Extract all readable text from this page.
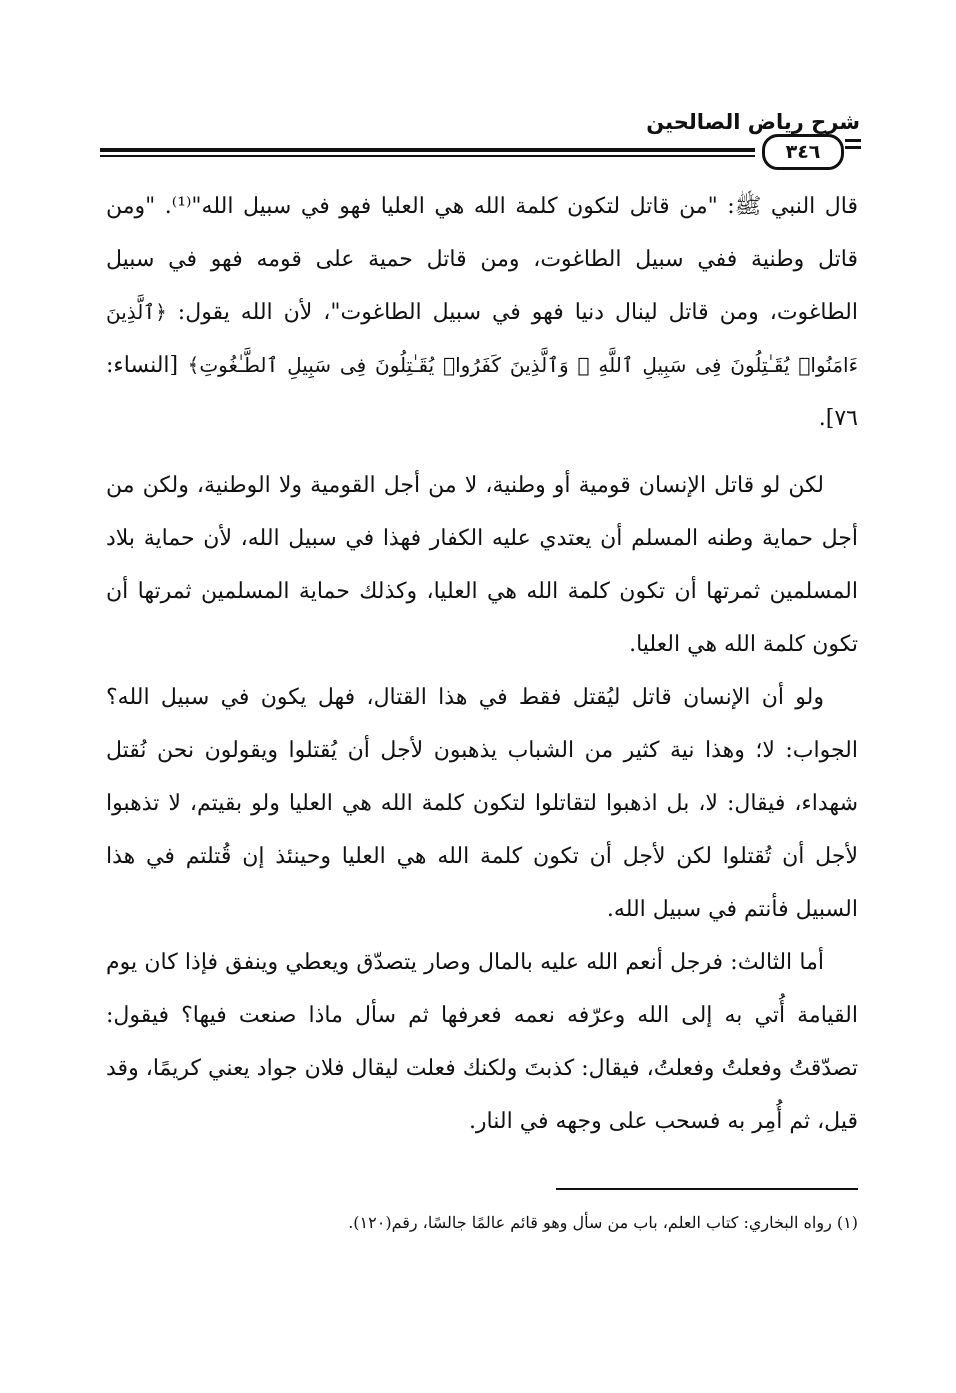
شرح رياض الصالحين
٣٤٦

قال النبي ﷺ: "من قاتل لتكون كلمة الله هي العليا فهو في سبيل الله"⁽¹⁾. "ومن قاتل وطنية ففي سبيل الطاغوت، ومن قاتل حمية على قومه فهو في سبيل الطاغوت، ومن قاتل لينال دنيا فهو في سبيل الطاغوت"، لأن الله يقول: ﴿ٱلَّذِينَ ءَامَنُوا۟ يُقَـٰتِلُونَ فِى سَبِيلِ ٱللَّهِ ۖ وَٱلَّذِينَ كَفَرُوا۟ يُقَـٰتِلُونَ فِى سَبِيلِ ٱلطَّـٰغُوتِ﴾ [النساء: ٧٦].

لكن لو قاتل الإنسان قومية أو وطنية، لا من أجل القومية ولا الوطنية، ولكن من أجل حماية وطنه المسلم أن يعتدي عليه الكفار فهذا في سبيل الله، لأن حماية بلاد المسلمين ثمرتها أن تكون كلمة الله هي العليا، وكذلك حماية المسلمين ثمرتها أن تكون كلمة الله هي العليا.

ولو أن الإنسان قاتل ليُقتل فقط في هذا القتال، فهل يكون في سبيل الله؟ الجواب: لا؛ وهذا نية كثير من الشباب يذهبون لأجل أن يُقتلوا ويقولون نحن نُقتل شهداء، فيقال: لا، بل اذهبوا لتقاتلوا لتكون كلمة الله هي العليا ولو بقيتم، لا تذهبوا لأجل أن تُقتلوا لكن لأجل أن تكون كلمة الله هي العليا وحينئذ إن قُتلتم في هذا السبيل فأنتم في سبيل الله.

أما الثالث: فرجل أنعم الله عليه بالمال وصار يتصدّق ويعطي وينفق فإذا كان يوم القيامة أُتي به إلى الله وعرّفه نعمه فعرفها ثم سأل ماذا صنعت فيها؟ فيقول: تصدّقتُ وفعلتُ وفعلتُ، فيقال: كذبتَ ولكنك فعلت ليقال فلان جواد يعني كريمًا، وقد قيل، ثم أُمِر به فسحب على وجهه في النار.

(١) رواه البخاري: كتاب العلم، باب من سأل وهو قائم عالمًا جالسًا، رقم(١٢٠).
